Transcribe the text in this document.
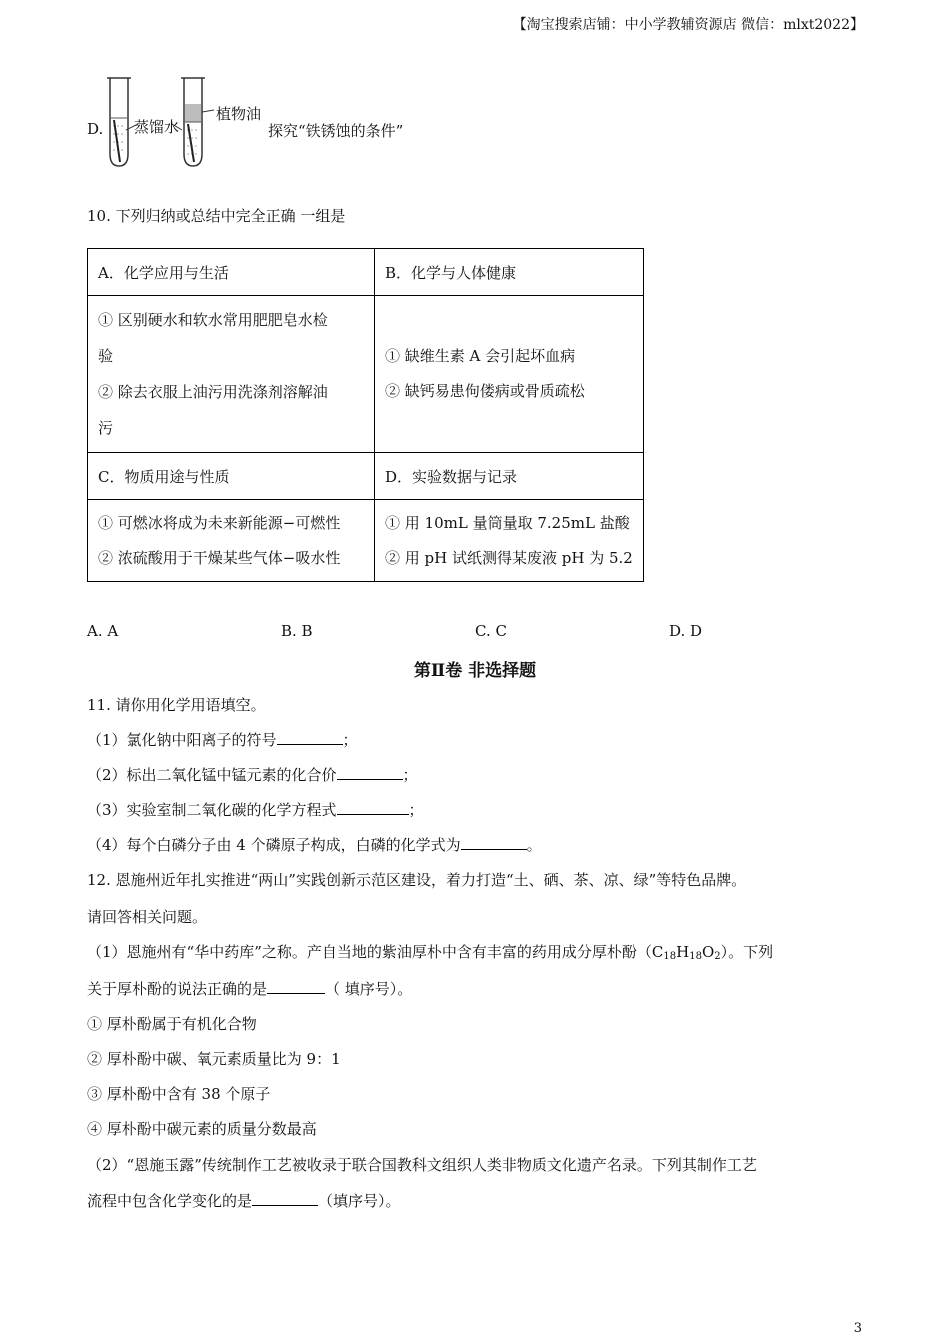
【淘宝搜索店铺：中小学教辅资源店 微信：mlxt2022】
D. 蒸馏水
植物油
探究“铁锈蚀的条件”
10. 下列归纳或总结中完全正确 一组是
A．化学应用与生活	B．化学与人体健康

① 区别硬水和软水常用肥肥皂水检
验
② 除去衣服上油污用洗涤剂溶解油
污	① 缺维生素 A 会引起坏血病
② 缺钙易患佝偻病或骨质疏松

C．物质用途与性质	D．实验数据与记录

① 可燃冰将成为未来新能源−可燃性
② 浓硫酸用于干燥某些气体−吸水性	① 用 10mL 量筒量取 7.25mL 盐酸
② 用 pH 试纸测得某废液 pH 为 5.2
A. A	B. B	C. C	D. D
第Ⅱ卷 非选择题
11. 请你用化学用语填空。
（1）氯化钠中阳离子的符号	；
（2）标出二氧化锰中锰元素的化合价	；
（3）实验室制二氧化碳的化学方程式	；
（4）每个白磷分子由 4 个磷原子构成，白磷的化学式为	。
12. 恩施州近年扎实推进“两山”实践创新示范区建设，着力打造“土、硒、茶、凉、绿”等特色品牌。
请回答相关问题。
（1）恩施州有“华中药库”之称。产自当地的紫油厚朴中含有丰富的药用成分厚朴酚$(C_{18}H_{18}O_2)$。下列
关于厚朴酚的说法正确的是	（ 填序号）。
① 厚朴酚属于有机化合物
② 厚朴酚中碳、氧元素质量比为 9：1
③ 厚朴酚中含有 38 个原子
④ 厚朴酚中碳元素的质量分数最高
（2）“恩施玉露”传统制作工艺被收录于联合国教科文组织人类非物质文化遗产名录。下列其制作工艺
流程中包含化学变化的是	（填序号）。
3
